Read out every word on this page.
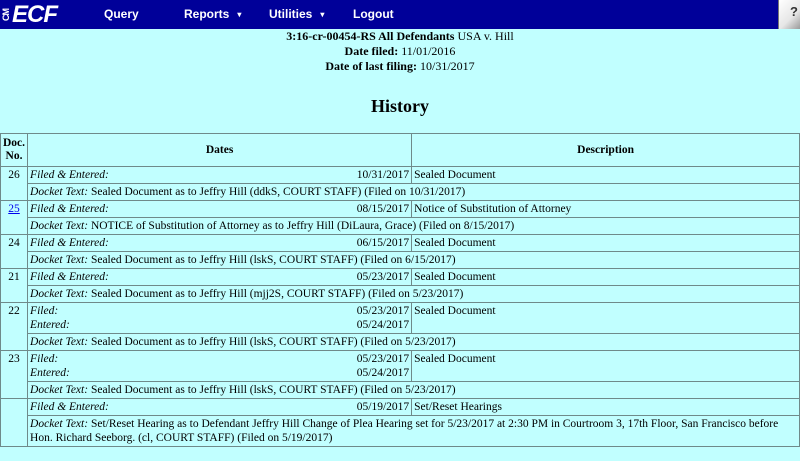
CM ECF	Query	Reports ▾ Utilities ▾ Logout	?
3:16-cr-00454-RS All Defendants USA v. Hill
Date filed: 11/01/2016
Date of last filing: 10/31/2017
History
Doc. No.	Dates	Description
26	Filed & Entered: 10/31/2017	Sealed Document
	Docket Text: Sealed Document as to Jeffry Hill (ddkS, COURT STAFF) (Filed on 10/31/2017)	
25	Filed & Entered: 08/15/2017	Notice of Substitution of Attorney
	Docket Text: NOTICE of Substitution of Attorney as to Jeffry Hill (DiLaura, Grace) (Filed on 8/15/2017)	
24	Filed & Entered: 06/15/2017	Sealed Document
	Docket Text: Sealed Document as to Jeffry Hill (lskS, COURT STAFF) (Filed on 6/15/2017)	
21	Filed & Entered: 05/23/2017	Sealed Document
	Docket Text: Sealed Document as to Jeffry Hill (mjj2S, COURT STAFF) (Filed on 5/23/2017)	
22	Filed: 05/23/2017
Entered: 05/24/2017	Sealed Document
	Docket Text: Sealed Document as to Jeffry Hill (lskS, COURT STAFF) (Filed on 5/23/2017)	
23	Filed: 05/23/2017
Entered: 05/24/2017	Sealed Document
	Docket Text: Sealed Document as to Jeffry Hill (lskS, COURT STAFF) (Filed on 5/23/2017)	

	Filed & Entered: 05/19/2017	Set/Reset Hearings
	Docket Text: Set/Reset Hearing as to Defendant Jeffry Hill Change of Plea Hearing set for 5/23/2017 at 2:30 PM in Courtroom 3, 17th Floor, San Francisco before Hon. Richard Seeborg. (cl, COURT STAFF) (Filed on 5/19/2017)	
